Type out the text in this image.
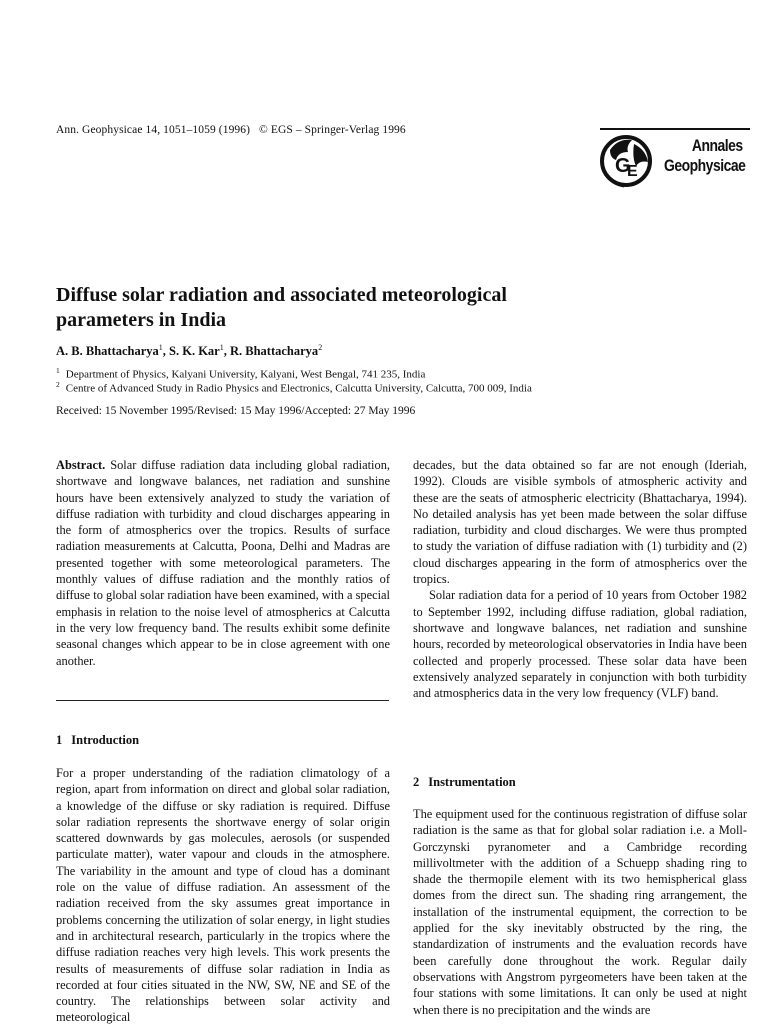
Ann. Geophysicae 14, 1051–1059 (1996) © EGS – Springer-Verlag 1996
G
E
Annales
Geophysicae
Diffuse solar radiation and associated meteorological
parameters in India
A. B. Bhattacharya$^1$, S. K. Kar$^1$, R. Bhattacharya$^2$
$^1$ Department of Physics, Kalyani University, Kalyani, West Bengal, 741 235, India
$^2$ Centre of Advanced Study in Radio Physics and Electronics, Calcutta University, Calcutta, 700 009, India
Received: 15 November 1995/Revised: 15 May 1996/Accepted: 27 May 1996

Abstract. Solar diffuse radiation data including global radiation, shortwave and longwave balances, net radiation and sunshine hours have been extensively analyzed to study the variation of diffuse radiation with turbidity and cloud discharges appearing in the form of atmospherics over the tropics. Results of surface radiation measurements at Calcutta, Poona, Delhi and Madras are presented together with some meteorological parameters. The monthly values of diffuse radiation and the monthly ratios of diffuse to global solar radiation have been examined, with a special emphasis in relation to the noise level of atmospherics at Calcutta in the very low frequency band. The results exhibit some definite seasonal changes which appear to be in close agreement with one another.

1 Introduction

For a proper understanding of the radiation climatology of a region, apart from information on direct and global solar radiation, a knowledge of the diffuse or sky radiation is required. Diffuse solar radiation represents the shortwave energy of solar origin scattered downwards by gas molecules, aerosols (or suspended particulate matter), water vapour and clouds in the atmosphere. The variability in the amount and type of cloud has a dominant role on the value of diffuse radiation. An assessment of the radiation received from the sky assumes great importance in problems concerning the utilization of solar energy, in light studies and in architectural research, particularly in the tropics where the diffuse radiation reaches very high levels. This work presents the results of measurements of diffuse solar radiation in India as recorded at four cities situated in the NW, SW, NE and SE of the country. The relationships between solar activity and meteorological

decades, but the data obtained so far are not enough (Ideriah, 1992). Clouds are visible symbols of atmospheric activity and these are the seats of atmospheric electricity (Bhattacharya, 1994). No detailed analysis has yet been made between the solar diffuse radiation, turbidity and cloud discharges. We were thus prompted to study the variation of diffuse radiation with (1) turbidity and (2) cloud discharges appearing in the form of atmospherics over the tropics.

Solar radiation data for a period of 10 years from October 1982 to September 1992, including diffuse radiation, global radiation, shortwave and longwave balances, net radiation and sunshine hours, recorded by meteorological observatories in India have been collected and properly processed. These solar data have been extensively analyzed separately in conjunction with both turbidity and atmospherics data in the very low frequency (VLF) band.

2 Instrumentation

The equipment used for the continuous registration of diffuse solar radiation is the same as that for global solar radiation i.e. a Moll-Gorczynski pyranometer and a Cambridge recording millivoltmeter with the addition of a Schuepp shading ring to shade the thermopile element with its two hemispherical glass domes from the direct sun. The shading ring arrangement, the installation of the instrumental equipment, the correction to be applied for the sky inevitably obstructed by the ring, the standardization of instruments and the evaluation records have been carefully done throughout the work. Regular daily observations with Angstrom pyrgeometers have been taken at the four stations with some limitations. It can only be used at night when there is no precipitation and the winds are
